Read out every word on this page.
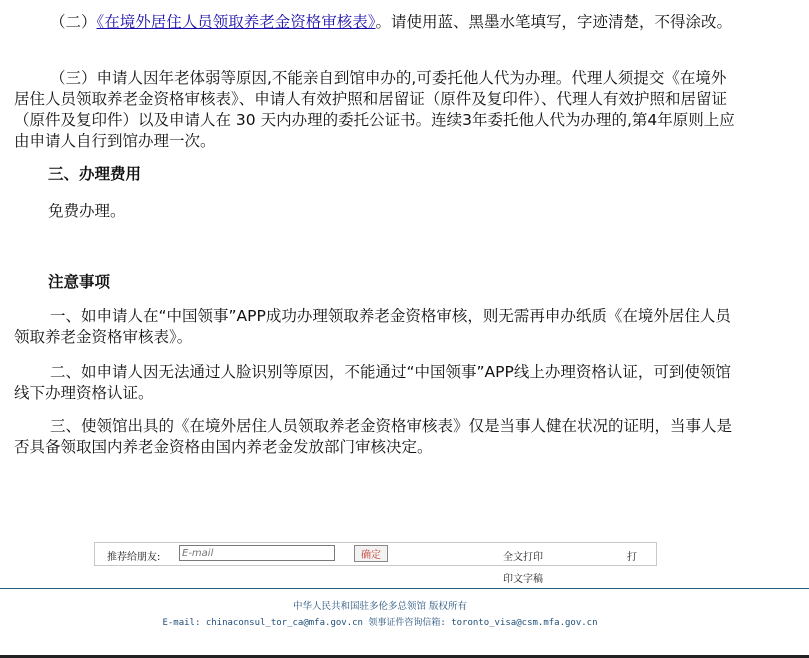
（二）《在境外居住人员领取养老金资格审核表》。请使用蓝、黑墨水笔填写，字迹清楚，不得涂改。

（三）申请人因年老体弱等原因,不能亲自到馆申办的,可委托他人代为办理。代理人须提交《在境外居住人员领取养老金资格审核表》、申请人有效护照和居留证（原件及复印件）、代理人有效护照和居留证（原件及复印件）以及申请人在 30 天内办理的委托公证书。连续3年委托他人代为办理的,第4年原则上应由申请人自行到馆办理一次。

三、办理费用

免费办理。

注意事项

一、如申请人在“中国领事”APP成功办理领取养老金资格审核，则无需再申办纸质《在境外居住人员领取养老金资格审核表》。

二、如申请人因无法通过人脸识别等原因，不能通过“中国领事”APP线上办理资格认证，可到使领馆线下办理资格认证。

三、使领馆出具的《在境外居住人员领取养老金资格审核表》仅是当事人健在状况的证明，当事人是否具备领取国内养老金资格由国内养老金发放部门审核决定。

推荐给朋友:
E-mail	确定	全文打印	打
印文字稿
中华人民共和国驻多伦多总领馆 版权所有
E-mail: chinaconsul_tor_ca@mfa.gov.cn 领事证件咨询信箱: toronto_visa@csm.mfa.gov.cn
